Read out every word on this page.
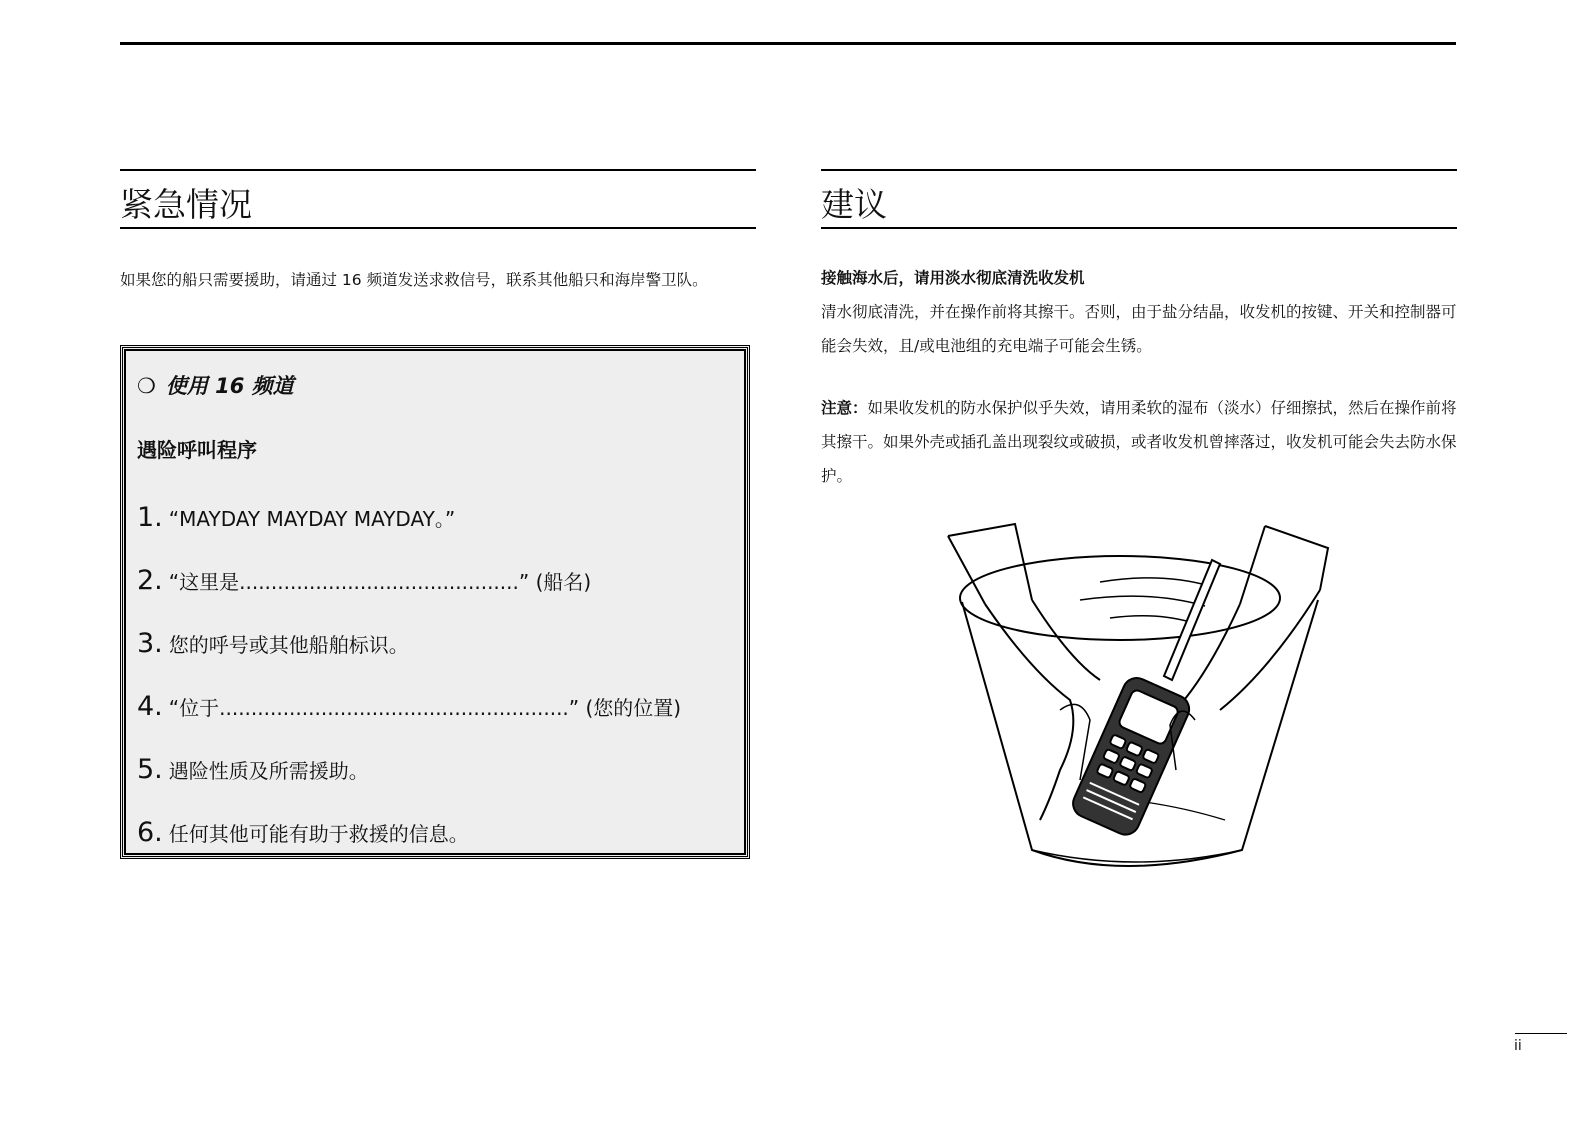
紧急情况
如果您的船只需要援助，请通过 16 频道发送求救信号，联系其他船只和海岸警卫队。
❍ 使用 16 频道
遇险呼叫程序
1. “MAYDAY MAYDAY MAYDAY。”
2. “这里是............................................” (船名)
3. 您的呼号或其他船舶标识。
4. “位于.......................................................” (您的位置)
5. 遇险性质及所需援助。
6. 任何其他可能有助于救援的信息。
建议
接触海水后，请用淡水彻底清洗收发机
清水彻底清洗，并在操作前将其擦干。否则，由于盐分结晶，收发机的按键、开关和控制器可能会失效，且/或电池组的充电端子可能会生锈。
注意：如果收发机的防水保护似乎失效，请用柔软的湿布（淡水）仔细擦拭，然后在操作前将其擦干。如果外壳或插孔盖出现裂纹或破损，或者收发机曾摔落过，收发机可能会失去防水保护。
ii
